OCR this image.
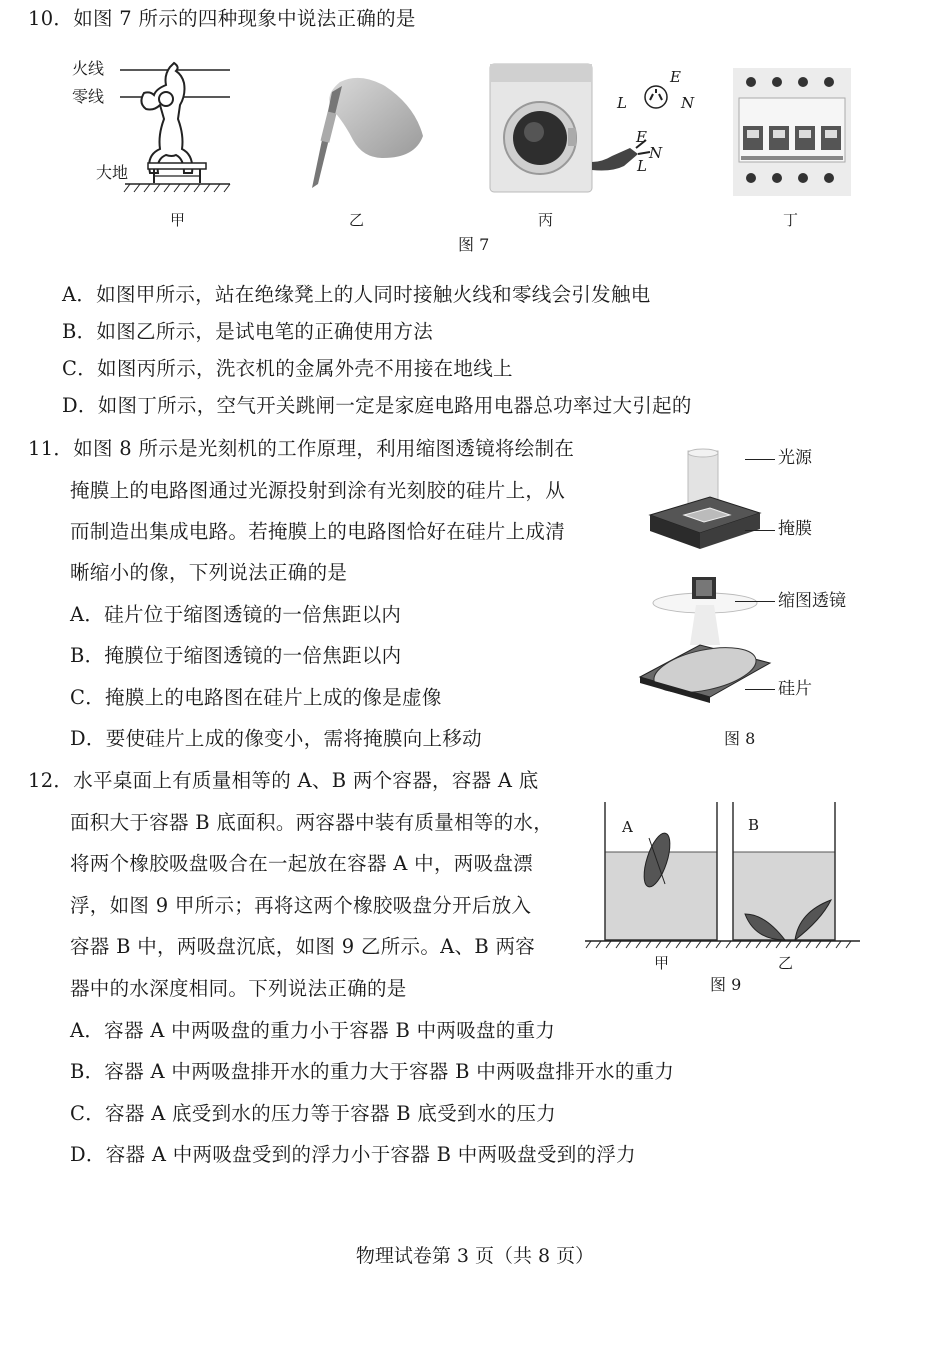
10．如图 7 所示的四种现象中说法正确的是
火线
零线
大地
E
L	N
E
N
L
甲	乙	丙	丁
图 7
A．如图甲所示，站在绝缘凳上的人同时接触火线和零线会引发触电
B．如图乙所示，是试电笔的正确使用方法
C．如图丙所示，洗衣机的金属外壳不用接在地线上
D．如图丁所示，空气开关跳闸一定是家庭电路用电器总功率过大引起的
11．如图 8 所示是光刻机的工作原理，利用缩图透镜将绘制在
掩膜上的电路图通过光源投射到涂有光刻胶的硅片上，从
而制造出集成电路。若掩膜上的电路图恰好在硅片上成清
晰缩小的像，下列说法正确的是
A．硅片位于缩图透镜的一倍焦距以内
B．掩膜位于缩图透镜的一倍焦距以内
C．掩膜上的电路图在硅片上成的像是虚像
D．要使硅片上成的像变小，需将掩膜向上移动
光源
掩膜
缩图透镜
硅片
图 8
12．水平桌面上有质量相等的 A、B 两个容器，容器 A 底
面积大于容器 B 底面积。两容器中装有质量相等的水，
将两个橡胶吸盘吸合在一起放在容器 A 中，两吸盘漂
浮，如图 9 甲所示；再将这两个橡胶吸盘分开后放入
容器 B 中，两吸盘沉底，如图 9 乙所示。A、B 两容
器中的水深度相同。下列说法正确的是
A	B
甲	乙
图 9
A．容器 A 中两吸盘的重力小于容器 B 中两吸盘的重力
B．容器 A 中两吸盘排开水的重力大于容器 B 中两吸盘排开水的重力
C．容器 A 底受到水的压力等于容器 B 底受到水的压力
D．容器 A 中两吸盘受到的浮力小于容器 B 中两吸盘受到的浮力
物理试卷第 3 页（共 8 页）
